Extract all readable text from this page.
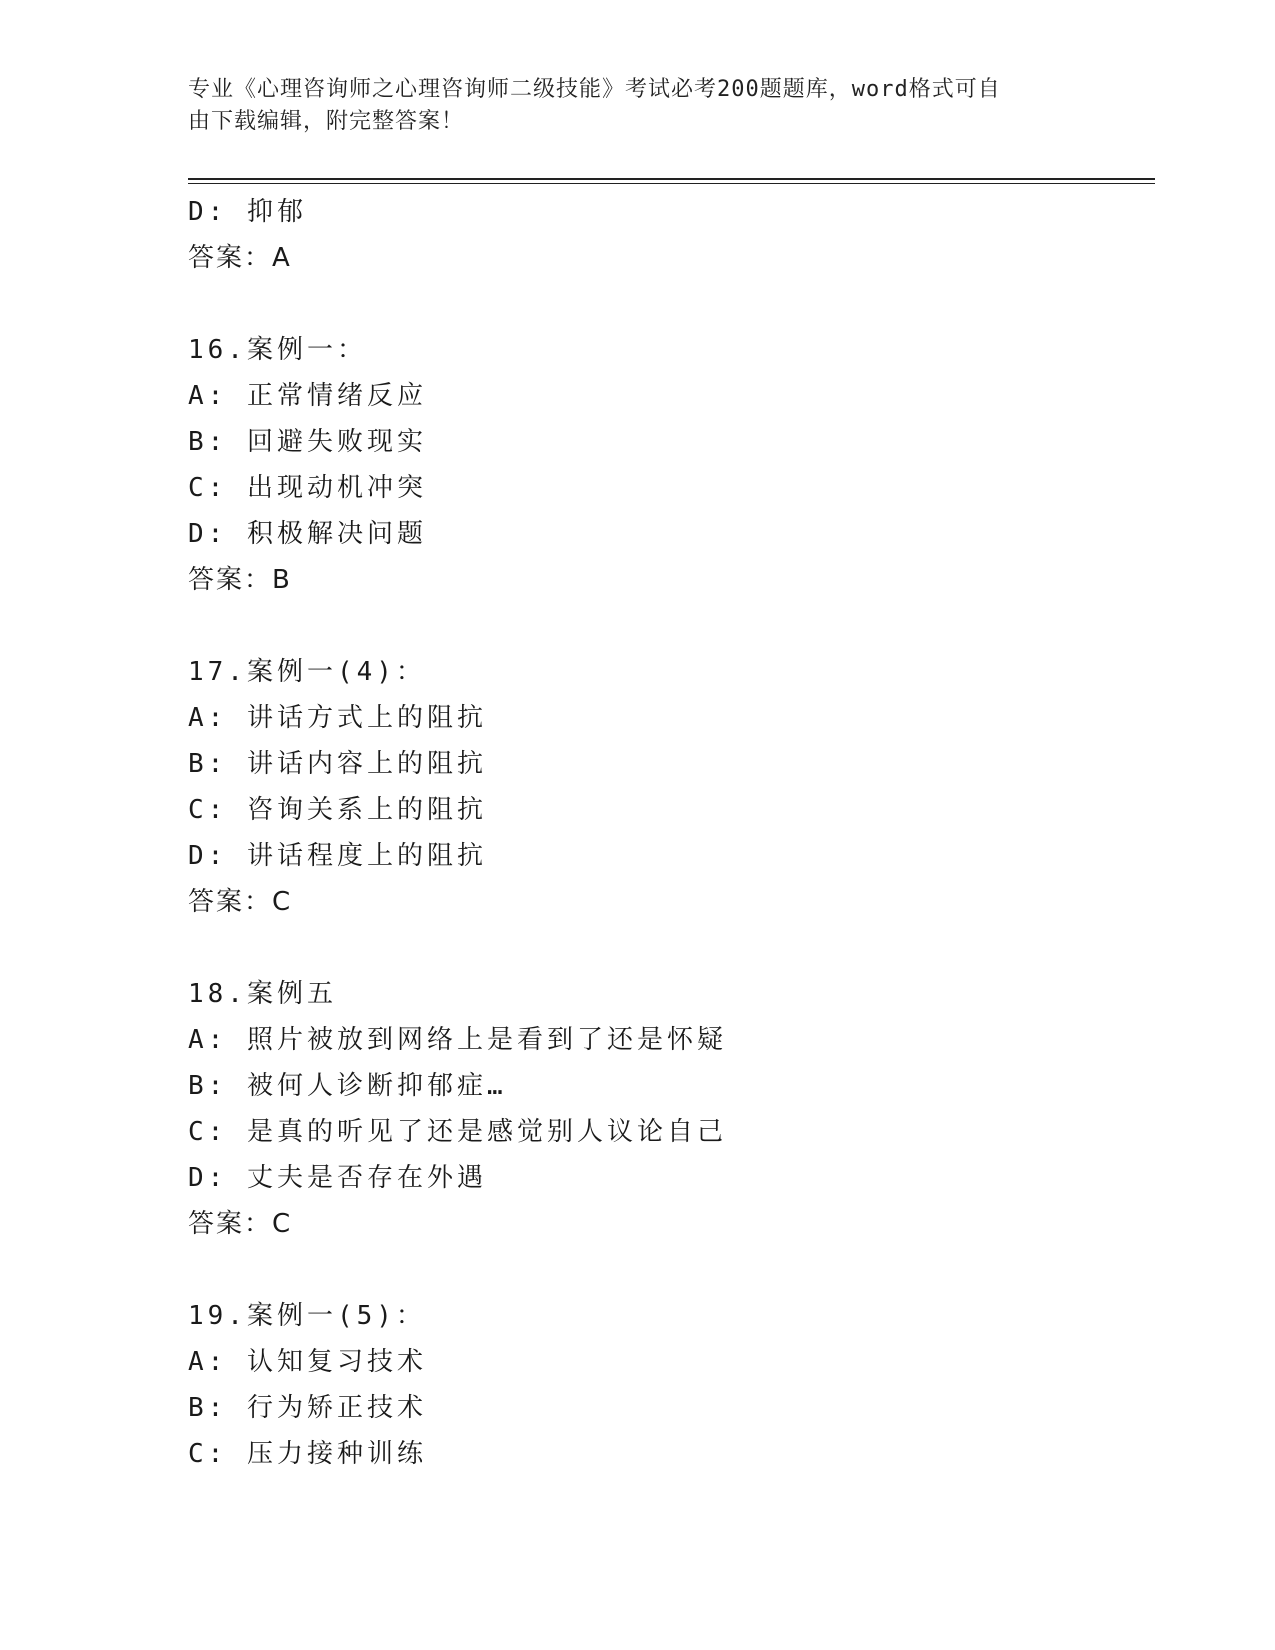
专业《心理咨询师之心理咨询师二级技能》考试必考200题题库，word格式可自
由下载编辑，附完整答案！
D: 抑郁
答案：A
16.案例一：
A: 正常情绪反应
B: 回避失败现实
C: 出现动机冲突
D: 积极解决问题
答案：B
17.案例一(4)：
A: 讲话方式上的阻抗
B: 讲话内容上的阻抗
C: 咨询关系上的阻抗
D: 讲话程度上的阻抗
答案：C
18.案例五
A: 照片被放到网络上是看到了还是怀疑
B: 被何人诊断抑郁症…
C: 是真的听见了还是感觉别人议论自己
D: 丈夫是否存在外遇
答案：C
19.案例一(5)：
A: 认知复习技术
B: 行为矫正技术
C: 压力接种训练
